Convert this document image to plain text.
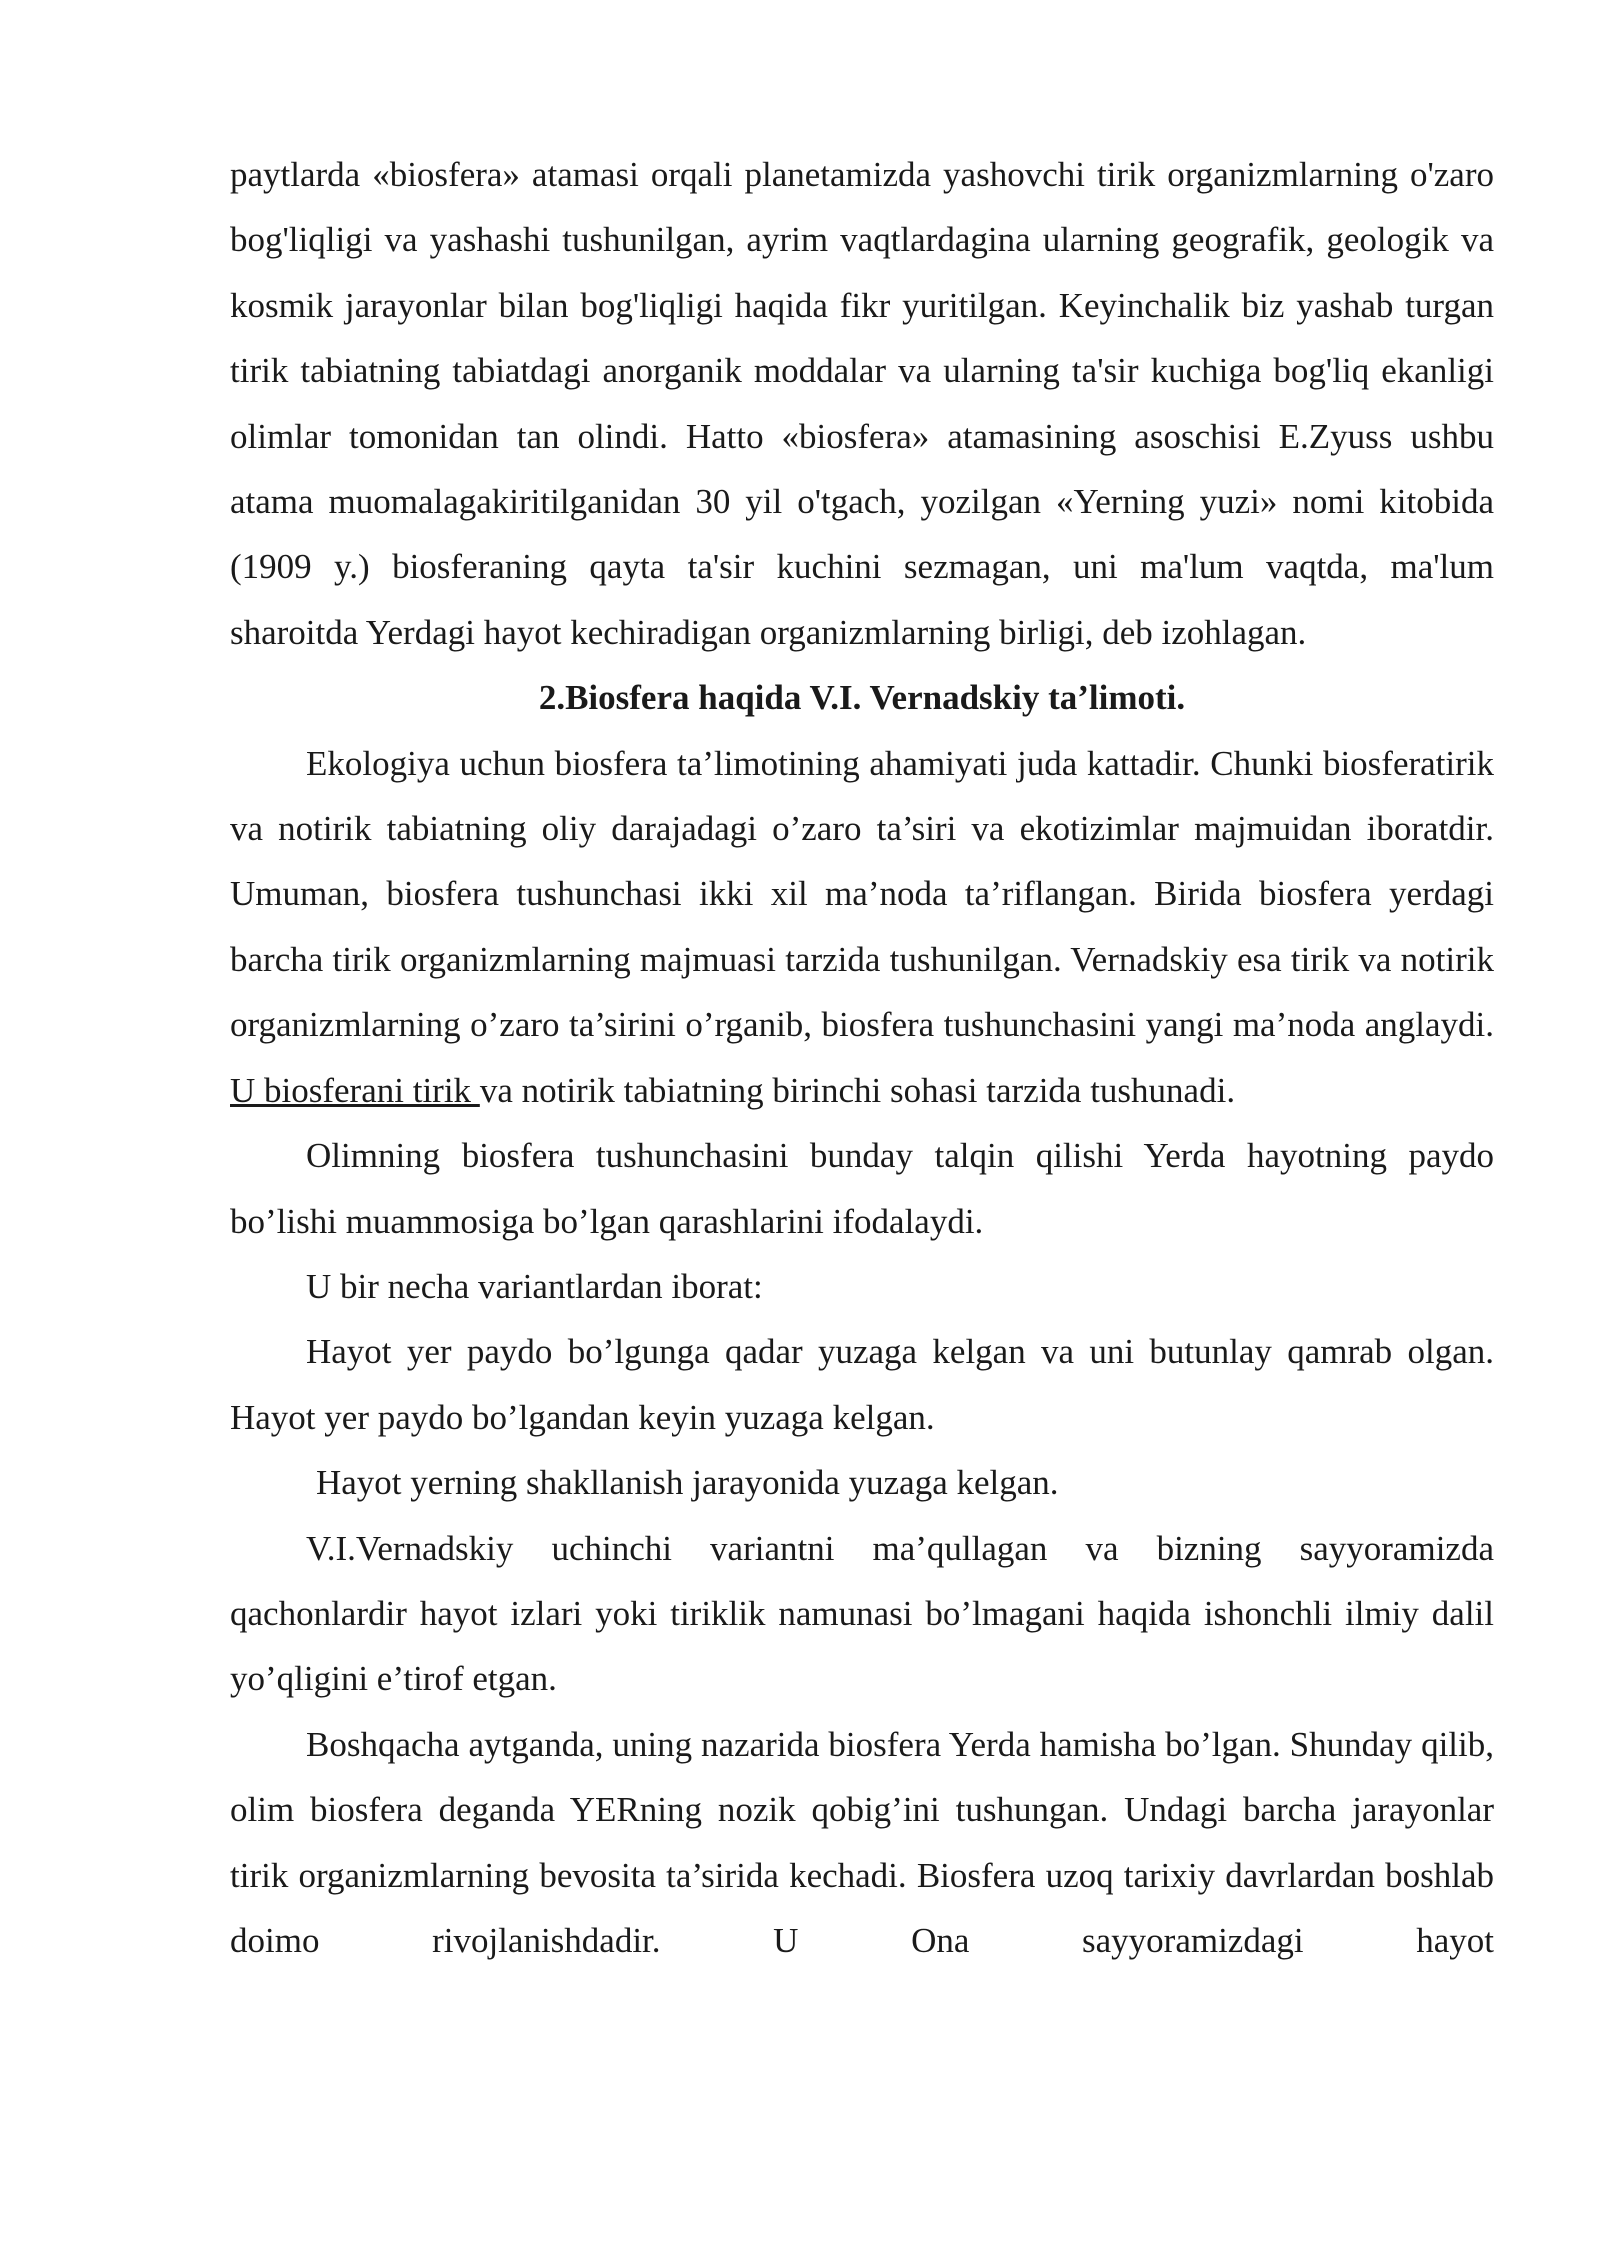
paytlarda «biosfera» atamasi orqali planetamizda yashovchi tirik organizmlarning o'zaro bog'liqligi va yashashi tushunilgan, ayrim vaqtlardagina ularning geografik, geologik va kosmik jarayonlar bilan bog'liqligi haqida fikr yuritilgan. Keyinchalik biz yashab turgan tirik tabiatning tabiatdagi anorganik moddalar va ularning ta'sir kuchiga bog'liq ekanligi olimlar tomonidan tan olindi. Hatto «biosfera» atamasining asoschisi E.Zyuss ushbu atama muomalagakiritilganidan 30 yil o'tgach, yozilgan «Yerning yuzi» nomi kitobida (1909 y.) biosferaning qayta ta'sir kuchini sezmagan, uni ma'lum vaqtda, ma'lum sharoitda Yerdagi hayot kechiradigan organizmlarning birligi, deb izohlagan.

2.Biosfera haqida V.I. Vernadskiy ta’limoti.

Ekologiya uchun biosfera ta’limotining ahamiyati juda kattadir. Chunki biosferatirik va notirik tabiatning oliy darajadagi o’zaro ta’siri va ekotizimlar majmuidan iboratdir. Umuman, biosfera tushunchasi ikki xil ma’noda ta’riflangan. Birida biosfera yerdagi barcha tirik organizmlarning majmuasi tarzida tushunilgan. Vernadskiy esa tirik va notirik organizmlarning o’zaro ta’sirini o’rganib, biosfera tushunchasini yangi ma’noda anglaydi. U biosferani tirik va notirik tabiatning birinchi sohasi tarzida tushunadi.

Olimning biosfera tushunchasini bunday talqin qilishi Yerda hayotning paydo bo’lishi muammosiga bo’lgan qarashlarini ifodalaydi.

U bir necha variantlardan iborat:

Hayot yer paydo bo’lgunga qadar yuzaga kelgan va uni butunlay qamrab olgan. Hayot yer paydo bo’lgandan keyin yuzaga kelgan.

Hayot yerning shakllanish jarayonida yuzaga kelgan.

V.I.Vernadskiy uchinchi variantni ma’qullagan va bizning sayyoramizda qachonlardir hayot izlari yoki tiriklik namunasi bo’lmagani haqida ishonchli ilmiy dalil yo’qligini e’tirof etgan.

Boshqacha aytganda, uning nazarida biosfera Yerda hamisha bo’lgan. Shunday qilib, olim biosfera deganda YERning nozik qobig’ini tushungan. Undagi barcha jarayonlar tirik organizmlarning bevosita ta’sirida kechadi. Biosfera uzoq tarixiy davrlardan boshlab doimo rivojlanishdadir. U Ona sayyoramizdagi hayot
